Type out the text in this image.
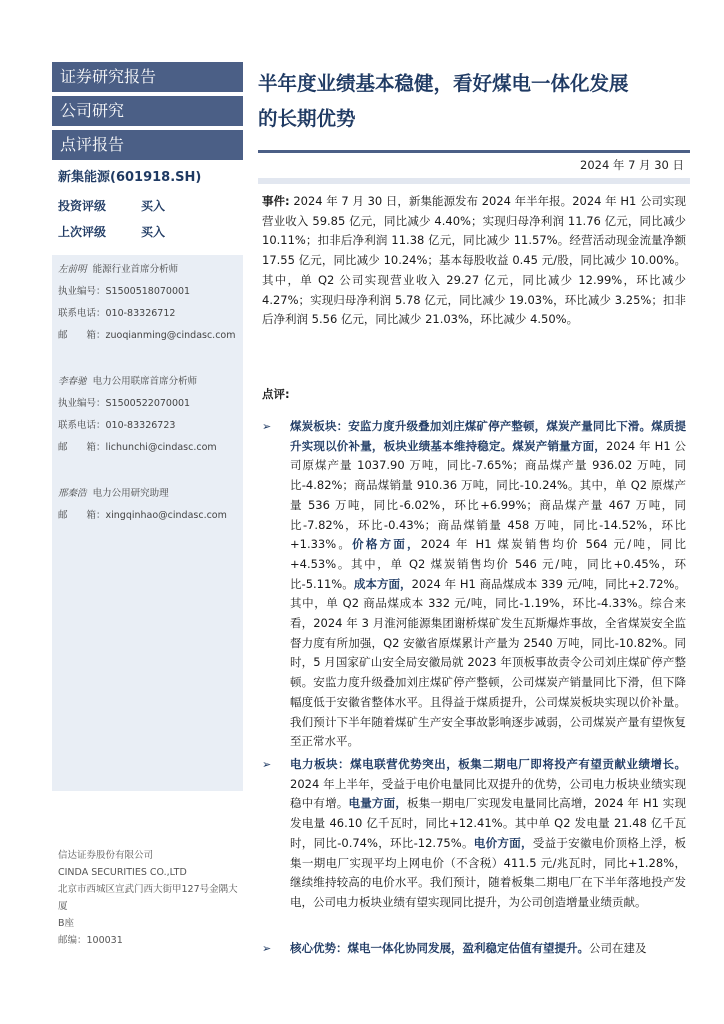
证券研究报告
公司研究
点评报告
新集能源(601918.SH)
投资评级	买入
上次评级	买入
左前明 能源行业首席分析师
执业编号：S1500518070001
联系电话：010-83326712
邮　　箱：zuoqianming@cindasc.com
李春驰 电力公用联席首席分析师
执业编号：S1500522070001
联系电话：010-83326723
邮　　箱：lichunchi@cindasc.com
邢秦浩 电力公用研究助理
邮　　箱：xingqinhao@cindasc.com
信达证券股份有限公司
CINDA SECURITIES CO.,LTD
北京市西城区宣武门西大街甲127号金隅大厦
B座
邮编：100031
半年度业绩基本稳健，看好煤电一体化发展
的长期优势
2024 年 7 月 30 日
事件: 2024 年 7 月 30 日，新集能源发布 2024 年半年报。2024 年 H1 公司实现营业收入 59.85 亿元，同比减少 4.40%；实现归母净利润 11.76 亿元，同比减少 10.11%；扣非后净利润 11.38 亿元，同比减少 11.57%。经营活动现金流量净额 17.55 亿元，同比减少 10.24%；基本每股收益 0.45 元/股，同比减少 10.00%。其中，单 Q2 公司实现营业收入 29.27 亿元，同比减少 12.99%，环比减少 4.27%；实现归母净利润 5.78 亿元，同比减少 19.03%，环比减少 3.25%；扣非后净利润 5.56 亿元，同比减少 21.03%，环比减少 4.50%。
点评:
➢	煤炭板块：安监力度升级叠加刘庄煤矿停产整顿，煤炭产量同比下滑。煤质提升实现以价补量，板块业绩基本维持稳定。煤炭产销量方面，2024 年 H1 公司原煤产量 1037.90 万吨，同比-7.65%；商品煤产量 936.02 万吨，同比-4.82%；商品煤销量 910.36 万吨，同比-10.24%。其中，单 Q2 原煤产量 536 万吨，同比-6.02%，环比+6.99%；商品煤产量 467 万吨，同比-7.82%，环比-0.43%；商品煤销量 458 万吨，同比-14.52%，环比+1.33%。价格方面，2024 年 H1 煤炭销售均价 564 元/吨，同比+4.53%。其中，单 Q2 煤炭销售均价 546 元/吨，同比+0.45%，环比-5.11%。成本方面，2024 年 H1 商品煤成本 339 元/吨，同比+2.72%。其中，单 Q2 商品煤成本 332 元/吨，同比-1.19%，环比-4.33%。综合来看，2024 年 3 月淮河能源集团谢桥煤矿发生瓦斯爆炸事故，全省煤炭安全监督力度有所加强，Q2 安徽省原煤累计产量为 2540 万吨，同比-10.82%。同时，5 月国家矿山安全局安徽局就 2023 年顶板事故责令公司刘庄煤矿停产整顿。安监力度升级叠加刘庄煤矿停产整顿，公司煤炭产销量同比下滑，但下降幅度低于安徽省整体水平。且得益于煤质提升，公司煤炭板块实现以价补量。我们预计下半年随着煤矿生产安全事故影响逐步减弱，公司煤炭产量有望恢复至正常水平。
➢	电力板块：煤电联营优势突出，板集二期电厂即将投产有望贡献业绩增长。2024 年上半年，受益于电价电量同比双提升的优势，公司电力板块业绩实现稳中有增。电量方面，板集一期电厂实现发电量同比高增，2024 年 H1 实现发电量 46.10 亿千瓦时，同比+12.41%。其中单 Q2 发电量 21.48 亿千瓦时，同比-0.74%，环比-12.75%。电价方面，受益于安徽电价顶格上浮，板集一期电厂实现平均上网电价（不含税）411.5 元/兆瓦时，同比+1.28%，继续维持较高的电价水平。我们预计，随着板集二期电厂在下半年落地投产发电，公司电力板块业绩有望实现同比提升，为公司创造增量业绩贡献。
➢	核心优势：煤电一体化协同发展，盈利稳定估值有望提升。公司在建及
